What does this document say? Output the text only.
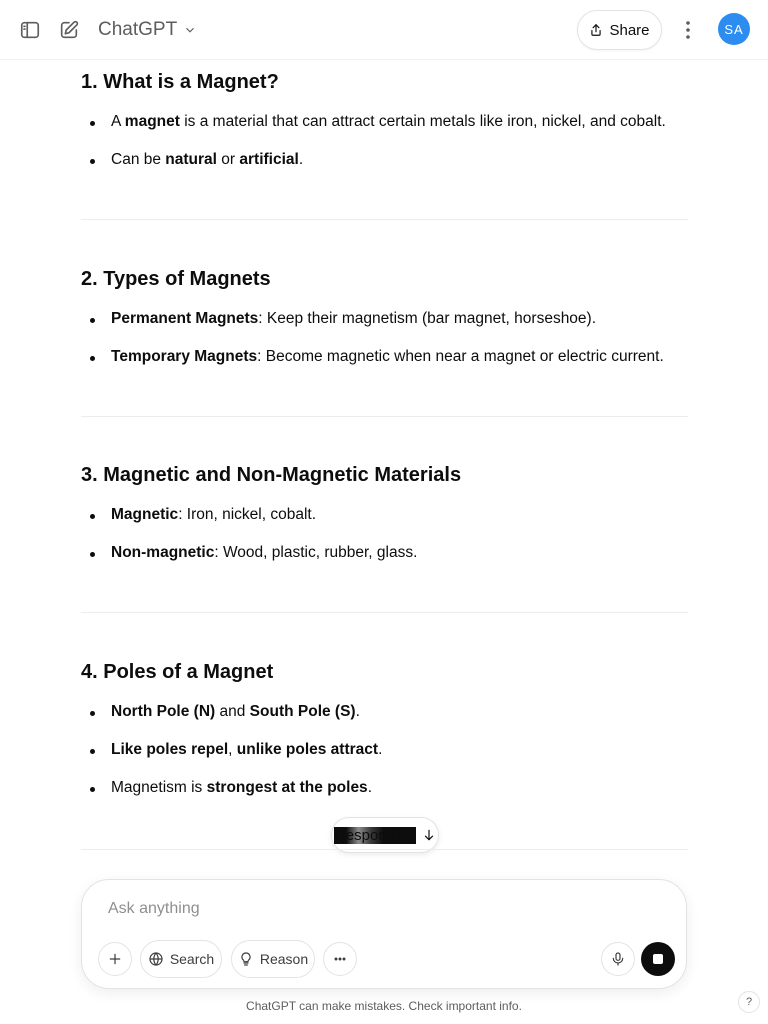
ChatGPT	Share	SA
1. What is a Magnet?
A magnet is a material that can attract certain metals like iron, nickel, and cobalt.
Can be natural or artificial.
2. Types of Magnets
Permanent Magnets: Keep their magnetism (bar magnet, horseshoe).
Temporary Magnets: Become magnetic when near a magnet or electric current.
3. Magnetic and Non-Magnetic Materials
Magnetic: Iron, nickel, cobalt.
Non-magnetic: Wood, plastic, rubber, glass.
4. Poles of a Magnet
North Pole (N) and South Pole (S).
Like poles repel, unlike poles attract.
Magnetism is strongest at the poles.
Responding
Ask anything
Search	Reason
ChatGPT can make mistakes. Check important info.	?
